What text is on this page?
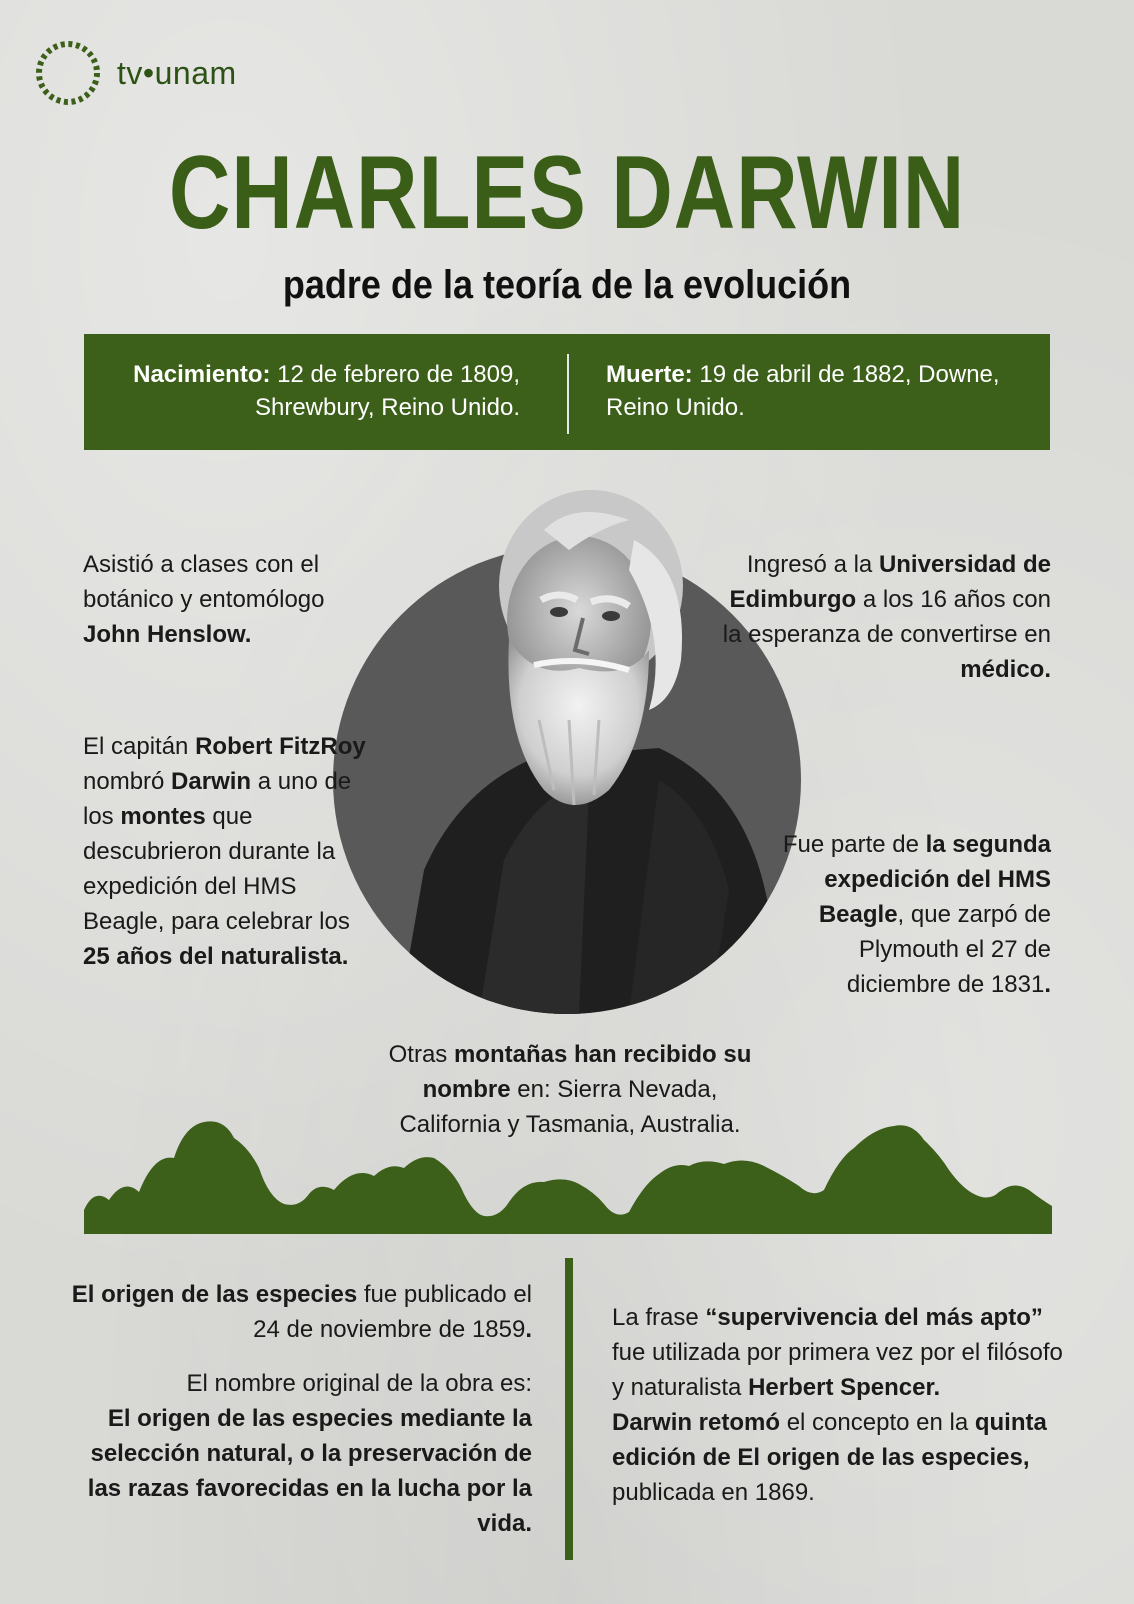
tv•unam
CHARLES DARWIN
padre de la teoría de la evolución
Nacimiento: 12 de febrero de 1809,
Shrewbury, Reino Unido.
Muerte: 19 de abril de 1882, Downe,
Reino Unido.
Asistió a clases con el botánico y entomólogo John Henslow.
El capitán Robert FitzRoy nombró Darwin a uno de los montes que descubrieron durante la expedición del HMS Beagle, para celebrar los 25 años del naturalista.
Ingresó a la Universidad de Edimburgo a los 16 años con la esperanza de convertirse en médico.
Fue parte de la segunda expedición del HMS Beagle, que zarpó de Plymouth el 27 de diciembre de 1831.
Otras montañas han recibido su nombre en: Sierra Nevada, California y Tasmania, Australia.
El origen de las especies fue publicado el 24 de noviembre de 1859.
El nombre original de la obra es:
El origen de las especies mediante la selección natural, o la preservación de las razas favorecidas en la lucha por la vida.
La frase “supervivencia del más apto” fue utilizada por primera vez por el filósofo y naturalista Herbert Spencer.
Darwin retomó el concepto en la quinta edición de El origen de las especies, publicada en 1869.
